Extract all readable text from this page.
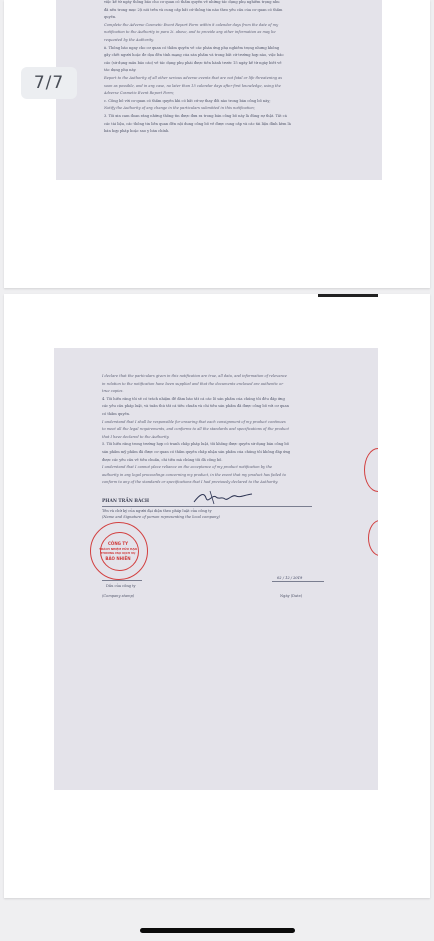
việc kể từ ngày thông báo cho cơ quan có thẩm quyền về những tác dụng phụ nghiêm trọng nhu
đã nêu trong mục 2(i nói trên và cung cấp bất cứ thông tin nào theo yêu cầu của cơ quan có thẩm
quyền.
Complete the Adverse Cosmetic Event Report Form within 8 calendar days from the date of my
notification to the Authority in para 2i. above, and to provide any other information as may be
requested by the Authority.
ii. Thông báo ngay cho cơ quan có thẩm quyền về các phản ứng phụ nghiêm trọng nhưng không
gây chết người hoặc đe dọa đến tính mạng của sản phẩm và trong bất cứ trường hợp nào, việc báo
cáo (sử dụng mẫu báo cáo) về tác dụng phụ phải được tiến hành trước 15 ngày kể từ ngày biết về
tác dụng phụ này.
Report to the Authority of all other serious adverse events that are not fatal or life threatening as
soon as possible, and in any case, no later than 15 calendar days after first knowledge, using the
Adverse Cosmetic Event Report Form;
c. Công bố với cơ quan có thẩm quyền khi có bất cứ sự thay đổi nào trong bản công bố này;
Notify the Authority of any change in the particulars submitted in this notification;
3. Tôi xin cam đoan rằng những thông tin được đưa ra trong bản công bố này là đúng sự thật. Tất cả
các tài liệu, các thông tin liên quan đến nội dung công bố về được cung cấp và các tài liệu đính kèm là
bản hợp pháp hoặc sao y bản chính.
7/7
I declare that the particulars given in this notification are true, all data, and information of relevance
in relation to the notification have been supplied and that the documents enclosed are authentic or
true copies.
4. Tôi hiểu rằng tôi sẽ có trách nhiệm để đảm bảo tất cả các lô sản phẩm của chúng tôi đều đáp ứng
các yêu cầu pháp luật, và tuân thủ tất cả tiêu chuẩn và chỉ tiêu sản phẩm đã được công bố với cơ quan
có thẩm quyền.
I understand that I shall be responsible for ensuring that each consignment of my product continues
to meet all the legal requirements, and conforms to all the standards and specifications of the product
that I have declared to the Authority.
5. Tôi hiểu rằng trong trường hợp có tranh chấp pháp luật, tôi không được quyền sử dụng bản công bố
sản phẩm mỹ phẩm đã được cơ quan có thẩm quyền chấp nhận sản phẩm của chúng tôi không đáp ứng
được các yêu cầu về tiêu chuẩn, chỉ tiêu mà chúng tôi đã công bố.
I understand that I cannot place reliance on the acceptance of my product notification by the
authority in any legal proceedings concerning my product, in the event that my product has failed to
conform to any of the standards or specifications that I had previously declared to the Authority.
PHAN TRẦN BÁCH
Tên và chữ ký của người đại diện theo pháp luật của công ty
(Name and Signature of person representing the local company)
CÔNG TY
TRÁCH NHIỆM HỮU HẠN
THƯƠNG MẠI DỊCH VỤ
BẢO NHIÊN
Dấu của công ty
(Company stamp)
02 / 12 / 2019
Ngày (Date)
